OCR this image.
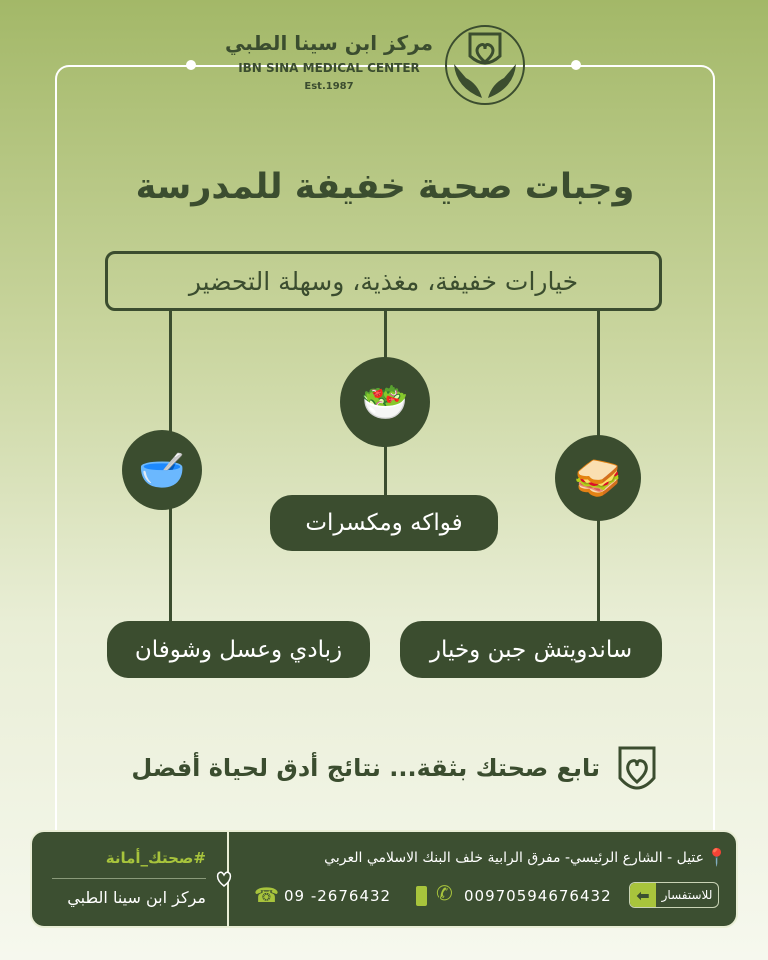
مركز ابن سينا الطبي
IBN SINA MEDICAL CENTER
Est.1987
وجبات صحية خفيفة للمدرسة
خيارات خفيفة، مغذية، وسهلة التحضير
🥗
🥣	🥪
فواكه ومكسرات
زبادي وعسل وشوفان	ساندويتش جبن وخيار
تابع صحتك بثقة... نتائج أدق لحياة أفضل
#صحتك_أمانة
مركز ابن سينا الطبي
عتيل - الشارع الرئيسي- مفرق الرابية خلف البنك الاسلامي العربي 📍
☎ 09 -2676432 ✆ 00970594676432	⬅ للاستفسار
